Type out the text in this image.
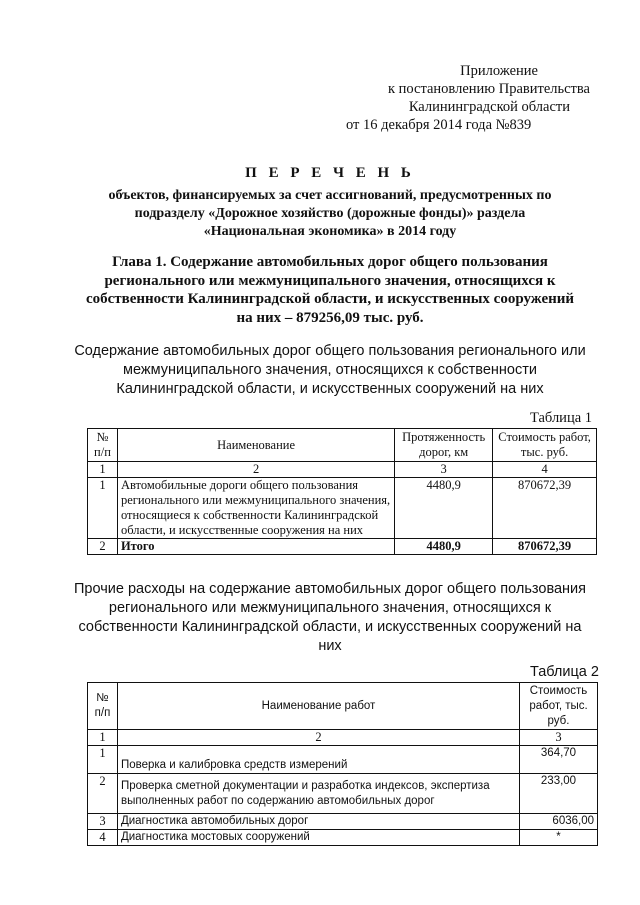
Приложение
к постановлению Правительства
Калининградской области
от 16 декабря 2014 года №839
П Е Р Е Ч Е Н Ь
объектов, финансируемых за счет ассигнований, предусмотренных по
подразделу «Дорожное хозяйство (дорожные фонды)» раздела
«Национальная экономика» в 2014 году
Глава 1. Содержание автомобильных дорог общего пользования
регионального или межмуниципального значения, относящихся к
собственности Калининградской области, и искусственных сооружений
на них – 879256,09 тыс. руб.
Содержание автомобильных дорог общего пользования регионального или
межмуниципального значения, относящихся к собственности
Калининградской области, и искусственных сооружений на них
Таблица 1
№ п/п	Наименование	Протяженность дорог, км	Стоимость работ, тыс. руб.
1	2	3	4
1	Автомобильные дороги общего пользования регионального или межмуниципального значения, относящиеся к собственности Калининградской области, и искусственные сооружения на них	4480,9	870672,39
2	Итого	4480,9	870672,39
Прочие расходы на содержание автомобильных дорог общего пользования
регионального или межмуниципального значения, относящихся к
собственности Калининградской области, и искусственных сооружений на
них
Таблица 2
№ п/п	Наименование работ	Стоимость работ, тыс. руб.
1	2	3
1	Поверка и калибровка средств измерений	364,70
2	Проверка сметной документации и разработка индексов, экспертиза выполненных работ по содержанию автомобильных дорог	233,00
3	Диагностика автомобильных дорог	6036,00
4	Диагностика мостовых сооружений	*
